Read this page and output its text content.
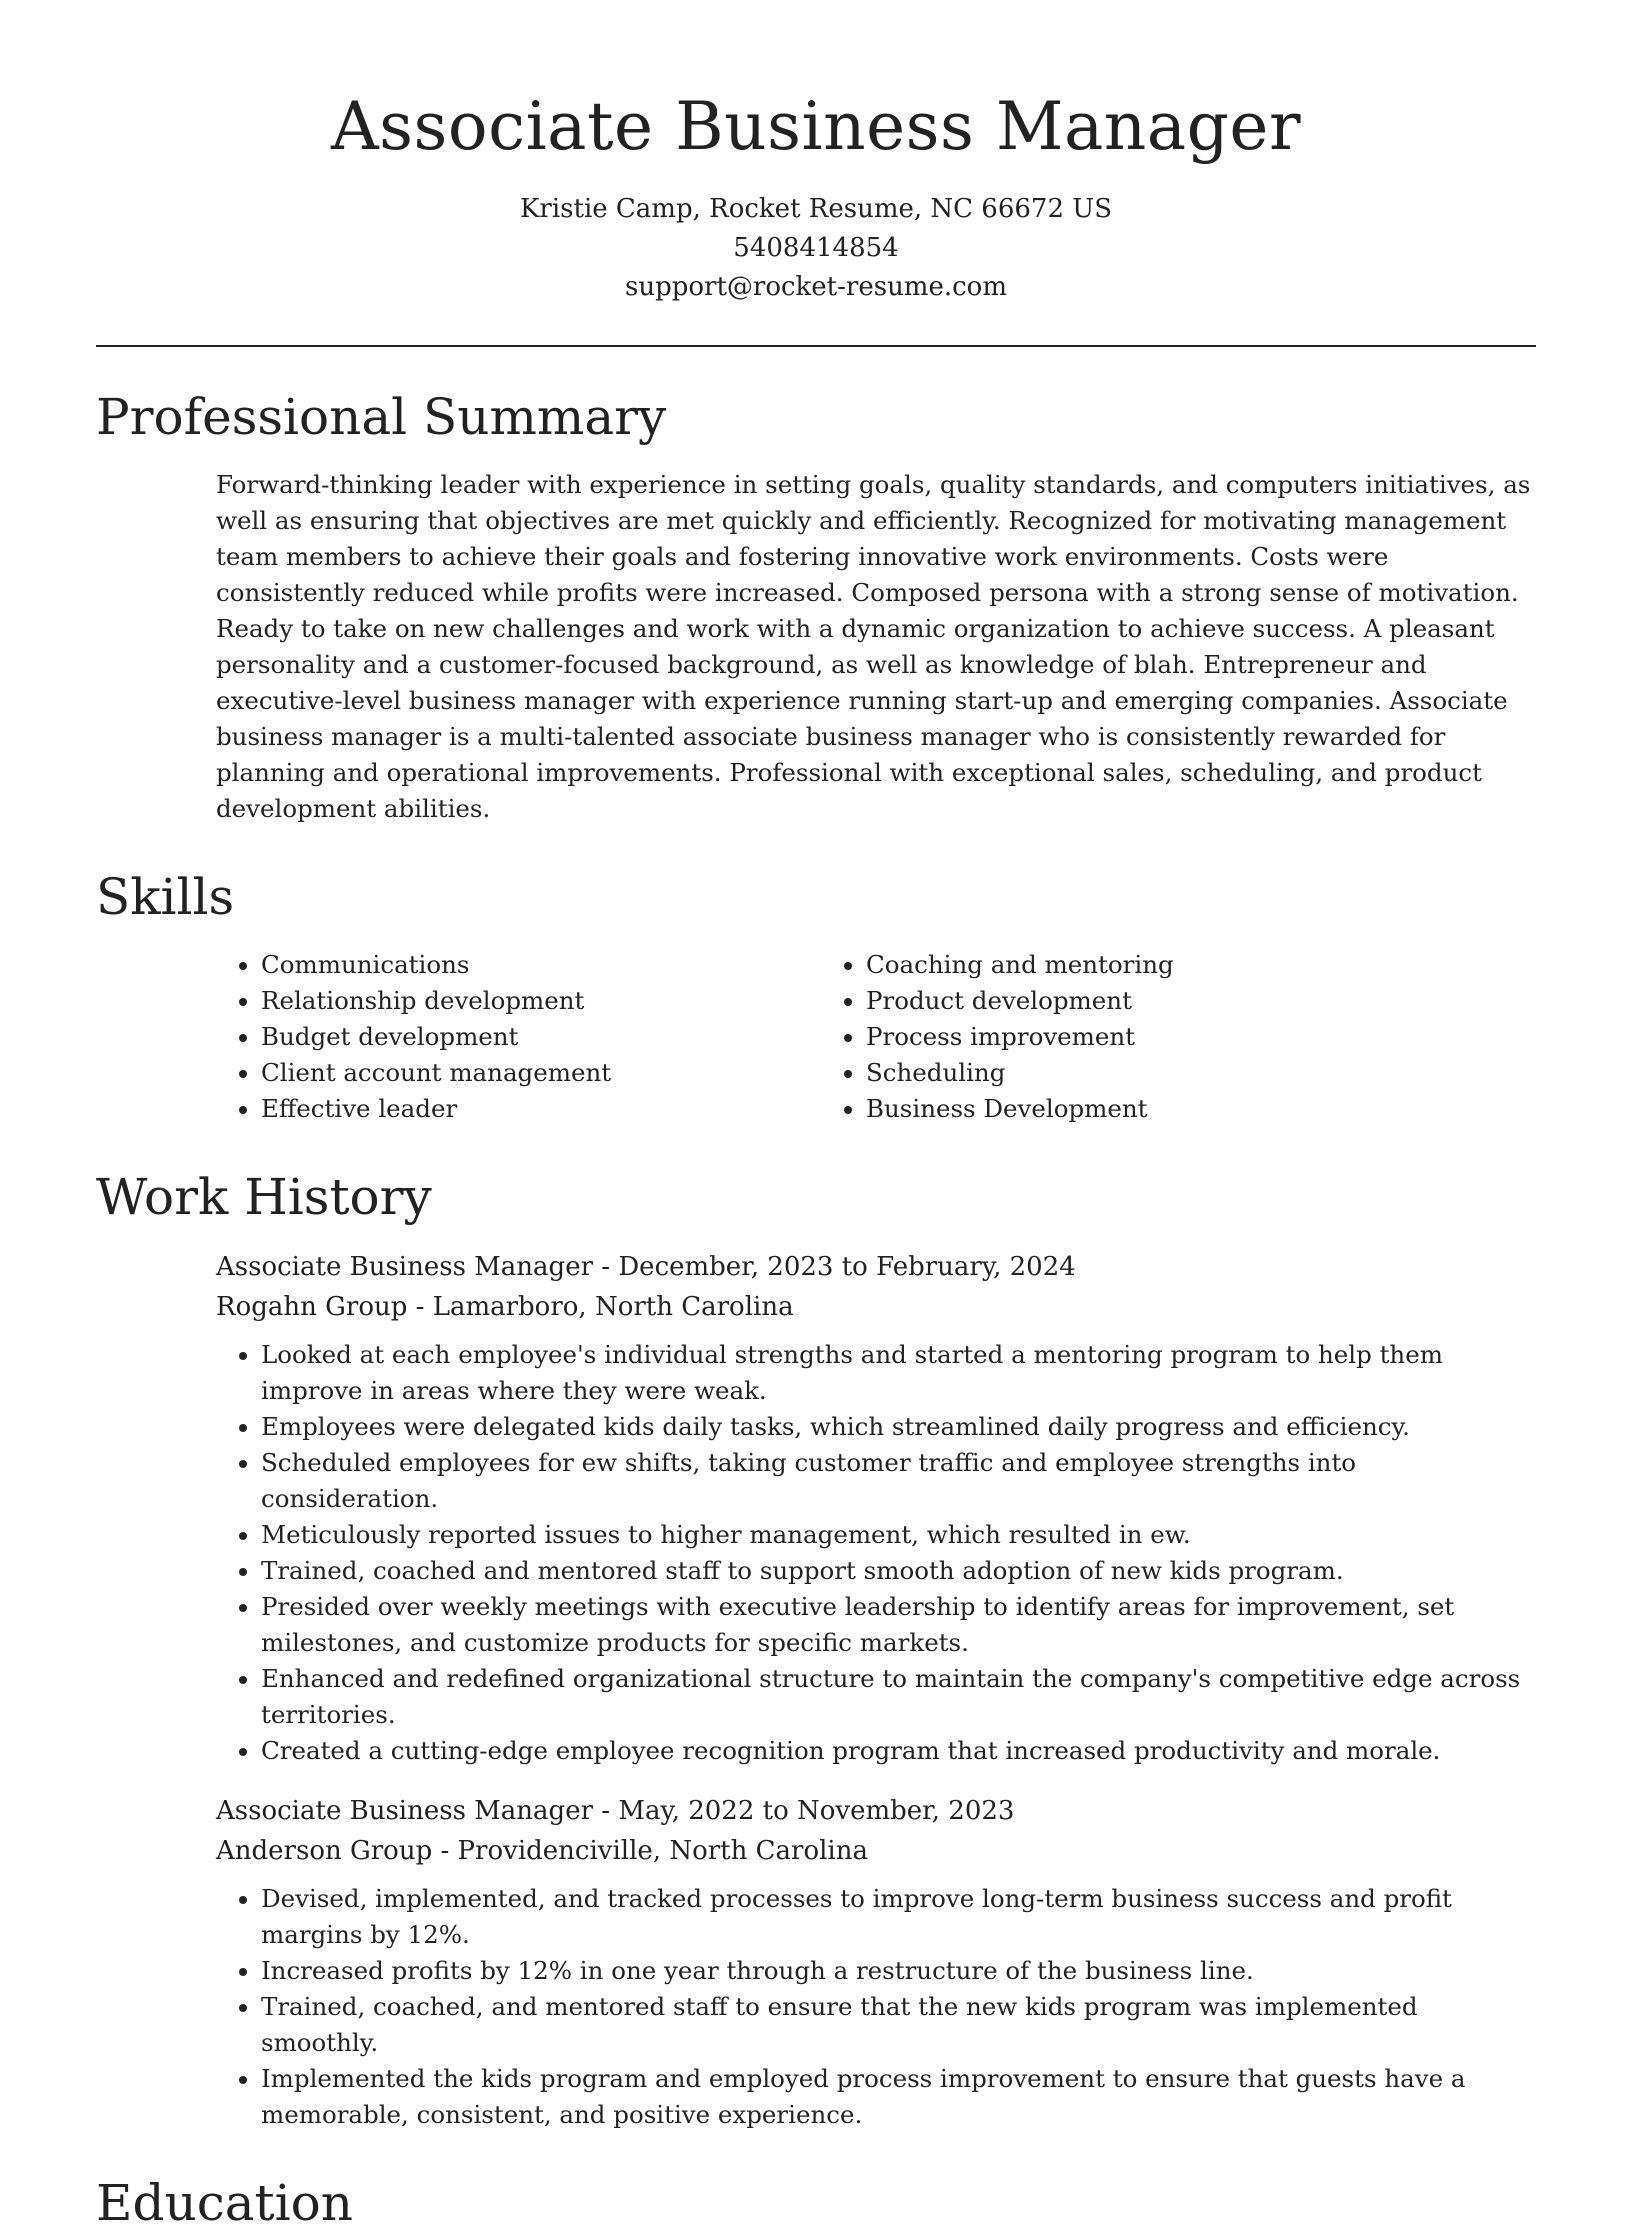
Associate Business Manager
Kristie Camp, Rocket Resume, NC 66672 US
5408414854
support@rocket-resume.com
Professional Summary

Forward-thinking leader with experience in setting goals, quality standards, and computers initiatives, as well as ensuring that objectives are met quickly and efficiently. Recognized for motivating management team members to achieve their goals and fostering innovative work environments. Costs were consistently reduced while profits were increased. Composed persona with a strong sense of motivation. Ready to take on new challenges and work with a dynamic organization to achieve success. A pleasant personality and a customer-focused background, as well as knowledge of blah. Entrepreneur and executive-level business manager with experience running start-up and emerging companies. Associate business manager is a multi-talented associate business manager who is consistently rewarded for planning and operational improvements. Professional with exceptional sales, scheduling, and product development abilities.

Skills
• Communications
• Relationship development
• Budget development
• Client account management
• Effective leader
• Coaching and mentoring
• Product development
• Process improvement
• Scheduling
• Business Development
Work History

Associate Business Manager - December, 2023 to February, 2024

Rogahn Group - Lamarboro, North Carolina

• Looked at each employee's individual strengths and started a mentoring program to help them improve in areas where they were weak.
• Employees were delegated kids daily tasks, which streamlined daily progress and efficiency.
• Scheduled employees for ew shifts, taking customer traffic and employee strengths into consideration.
• Meticulously reported issues to higher management, which resulted in ew.
• Trained, coached and mentored staff to support smooth adoption of new kids program.
• Presided over weekly meetings with executive leadership to identify areas for improvement, set milestones, and customize products for specific markets.
• Enhanced and redefined organizational structure to maintain the company's competitive edge across territories.
• Created a cutting-edge employee recognition program that increased productivity and morale.

Associate Business Manager - May, 2022 to November, 2023

Anderson Group - Providenciville, North Carolina

• Devised, implemented, and tracked processes to improve long-term business success and profit margins by 12%.
• Increased profits by 12% in one year through a restructure of the business line.
• Trained, coached, and mentored staff to ensure that the new kids program was implemented smoothly.
• Implemented the kids program and employed process improvement to ensure that guests have a memorable, consistent, and positive experience.
Education
